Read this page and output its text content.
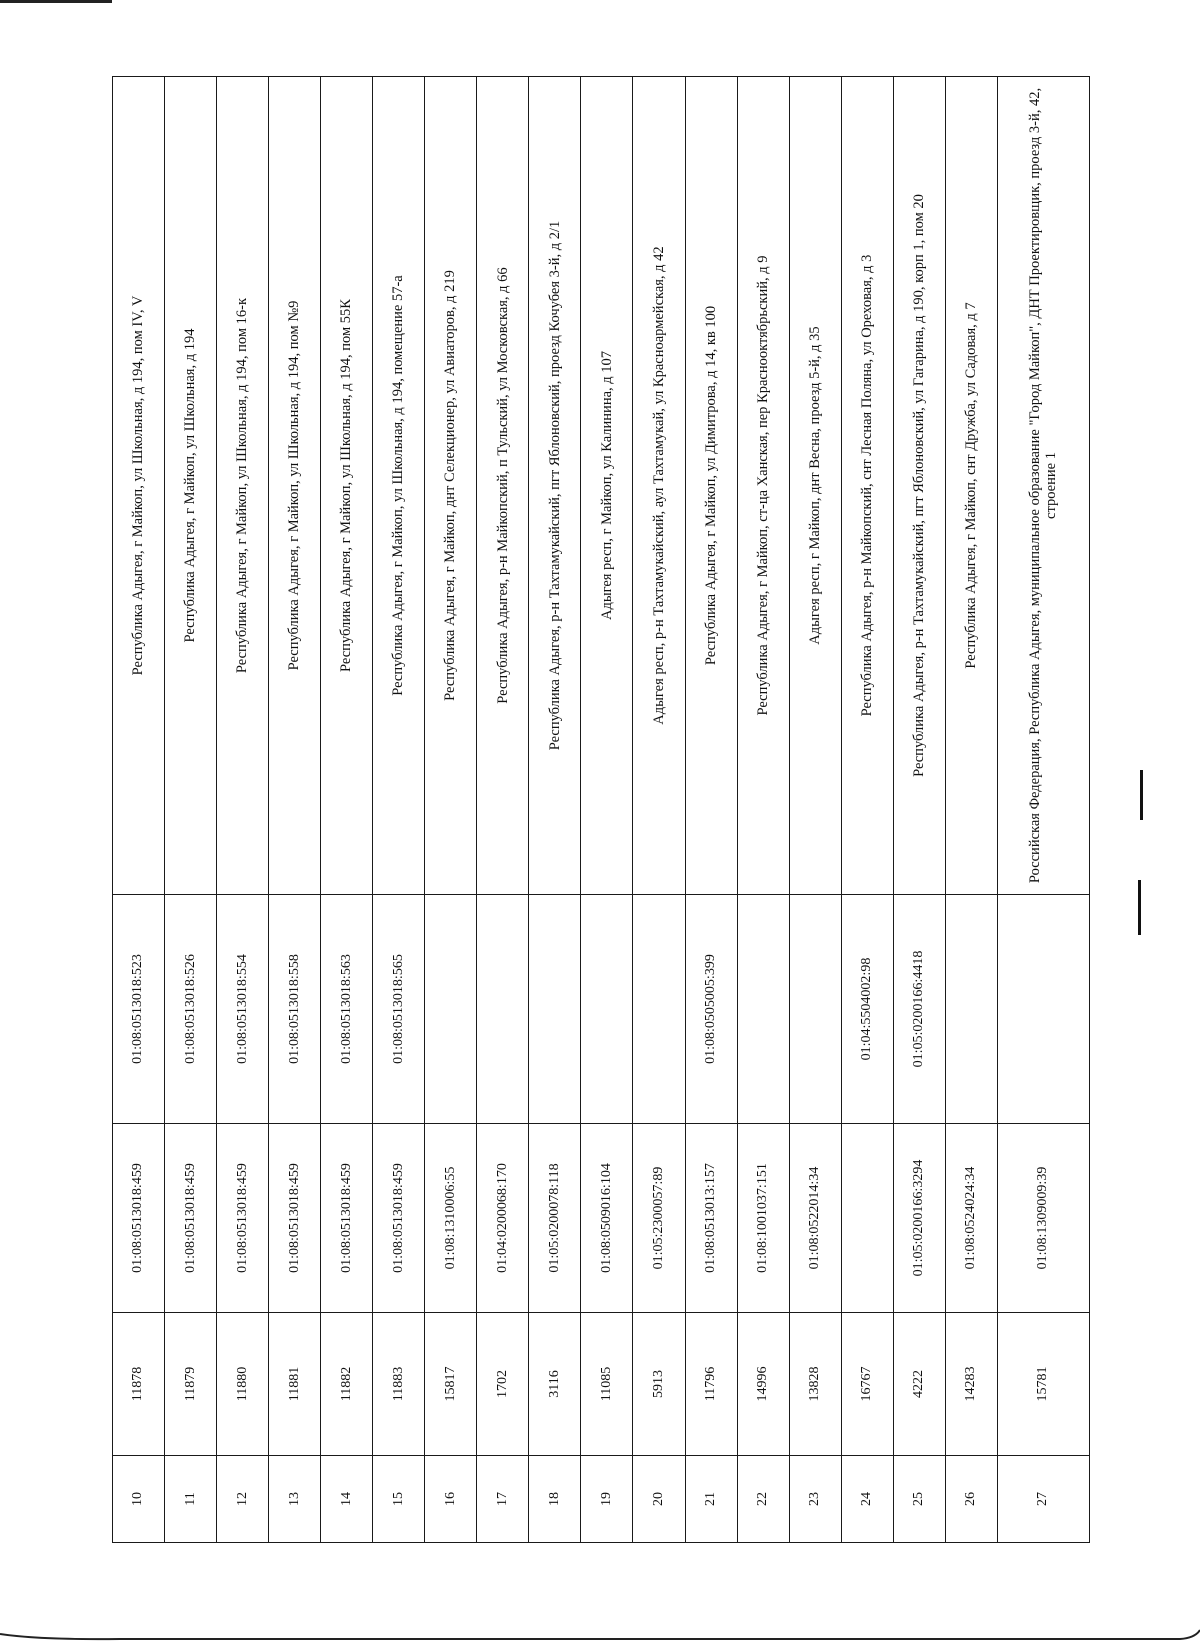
10	11878	01:08:0513018:459	01:08:0513018:523	Республика Адыгея, г Майкоп, ул Школьная, д 194, пом IV, V
11	11879	01:08:0513018:459	01:08:0513018:526	Республика Адыгея, г Майкоп, ул Школьная, д 194
12	11880	01:08:0513018:459	01:08:0513018:554	Республика Адыгея, г Майкоп, ул Школьная, д 194, пом 16-к
13	11881	01:08:0513018:459	01:08:0513018:558	Республика Адыгея, г Майкоп, ул Школьная, д 194, пом №9
14	11882	01:08:0513018:459	01:08:0513018:563	Республика Адыгея, г Майкоп, ул Школьная, д 194, пом 55К
15	11883	01:08:0513018:459	01:08:0513018:565	Республика Адыгея, г Майкоп, ул Школьная, д 194, помещение 57-а
16	15817	01:08:1310006:55		Республика Адыгея, г Майкоп, днт Селекционер, ул Авиаторов, д 219
17	1702	01:04:0200068:170		Республика Адыгея, р-н Майкопский, п Тульский, ул Московская, д 66
18	3116	01:05:0200078:118		Республика Адыгея, р-н Тахтамукайский, пгт Яблоновский, проезд Кочубея 3-й, д 2/1
19	11085	01:08:0509016:104		Адыгея респ, г Майкоп, ул Калинина, д 107
20	5913	01:05:2300057:89		Адыгея респ, р-н Тахтамукайский, аул Тахтамукай, ул Красноармейская, д 42
21	11796	01:08:0513013:157	01:08:0505005:399	Республика Адыгея, г Майкоп, ул Димитрова, д 14, кв 100
22	14996	01:08:1001037:151		Республика Адыгея, г Майкоп, ст-ца Ханская, пер Краснооктябрьский, д 9
23	13828	01:08:0522014:34		Адыгея респ, г Майкоп, днт Весна, проезд 5-й, д 35
24	16767		01:04:5504002:98	Республика Адыгея, р-н Майкопский, снт Лесная Поляна, ул Ореховая, д 3
25	4222	01:05:0200166:3294	01:05:0200166:4418	Республика Адыгея, р-н Тахтамукайский, пгт Яблоновский, ул Гагарина, д 190, корп 1, пом 20
26	14283	01:08:0524024:34		Республика Адыгея, г Майкоп, снт Дружба, ул Садовая, д 7
27	15781	01:08:1309009:39		Российская Федерация, Республика Адыгея, муниципальное образование "Город Майкоп", ДНТ Проектировщик, проезд 3-й, 42, строение 1
